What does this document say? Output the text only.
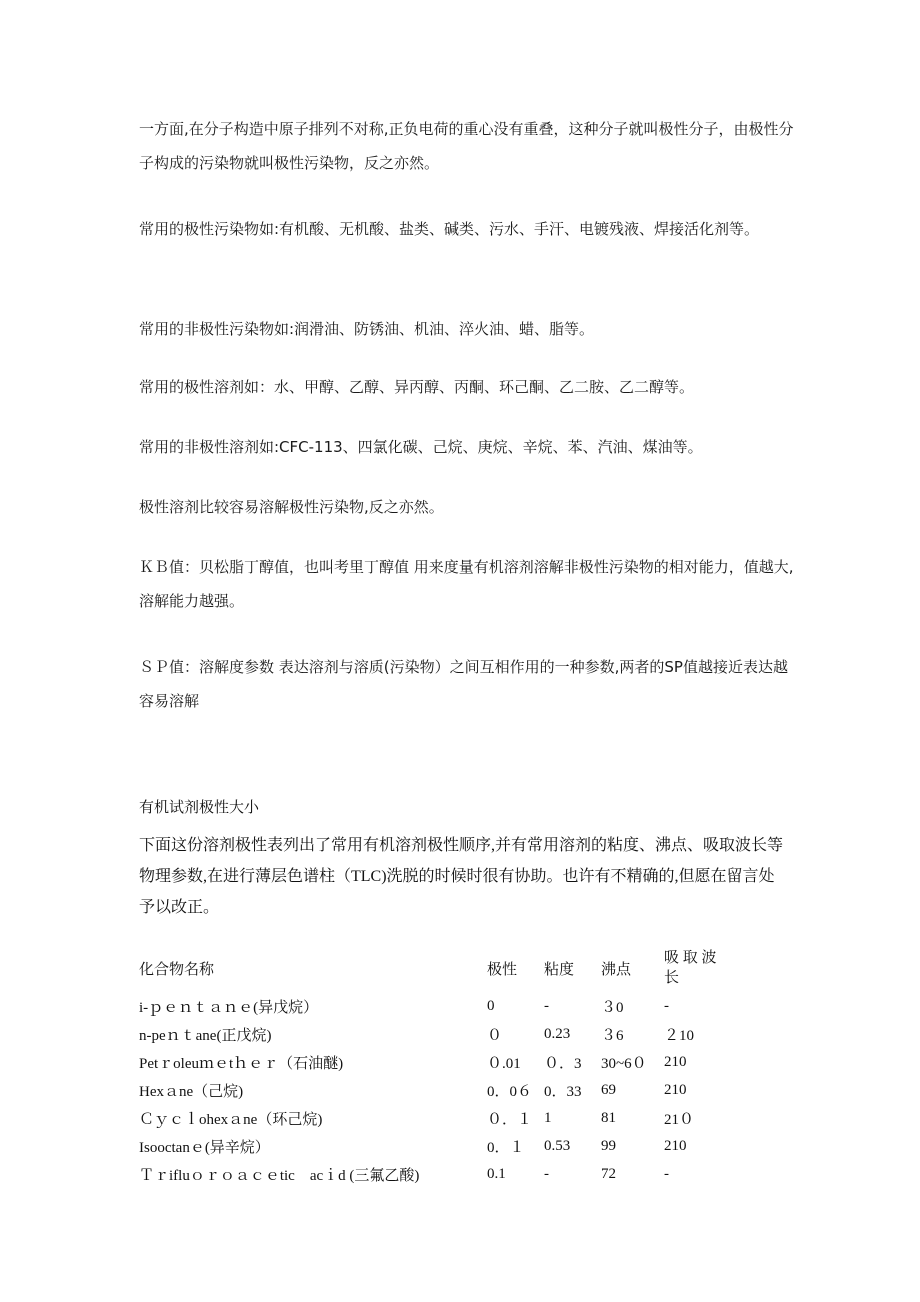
一方面,在分子构造中原子排列不对称,正负电荷的重心没有重叠，这种分子就叫极性分子，由极性分子构成的污染物就叫极性污染物，反之亦然。

常用的极性污染物如:有机酸、无机酸、盐类、碱类、污水、手汗、电镀残液、焊接活化剂等。

常用的非极性污染物如:润滑油、防锈油、机油、淬火油、蜡、脂等。

常用的极性溶剂如：水、甲醇、乙醇、异丙醇、丙酮、环己酮、乙二胺、乙二醇等。

常用的非极性溶剂如:CFC-113、四氯化碳、己烷、庚烷、辛烷、苯、汽油、煤油等。

极性溶剂比较容易溶解极性污染物,反之亦然。

ＫＢ值：贝松脂丁醇值，也叫考里丁醇值 用来度量有机溶剂溶解非极性污染物的相对能力，值越大,溶解能力越强。

ＳＰ值：溶解度参数 表达溶剂与溶质(污染物）之间互相作用的一种参数,两者的SP值越接近表达越容易溶解

有机试剂极性大小

下面这份溶剂极性表列出了常用有机溶剂极性顺序,并有常用溶剂的粘度、沸点、吸取波长等物理参数,在进行薄层色谱柱（TLC)洗脱的时候时很有协助。也许有不精确的,但愿在留言处予以改正。

化合物名称	极性	粘度	沸点	吸 取 波 长
i-ｐｅｎｔａｎｅ(异戊烷）	0	-	３0	-
n-peｎｔane(正戊烷)	０	0.23	３6	２10
Petｒoleuｍｅtｈｅｒ（石油醚)	０.01	０．3	30~6０	210
Hexａne（己烷)	0．0６	0．33	69	210
Ｃｙｃｌohexａne（环己烷)	０．１	1	81	21０
Isooctanｅ(异辛烷）	0．１	0.53	99	210
Ｔｒifluｏｒｏａｃｅtic　acｉd (三氟乙酸)	0.1	-	72	-
